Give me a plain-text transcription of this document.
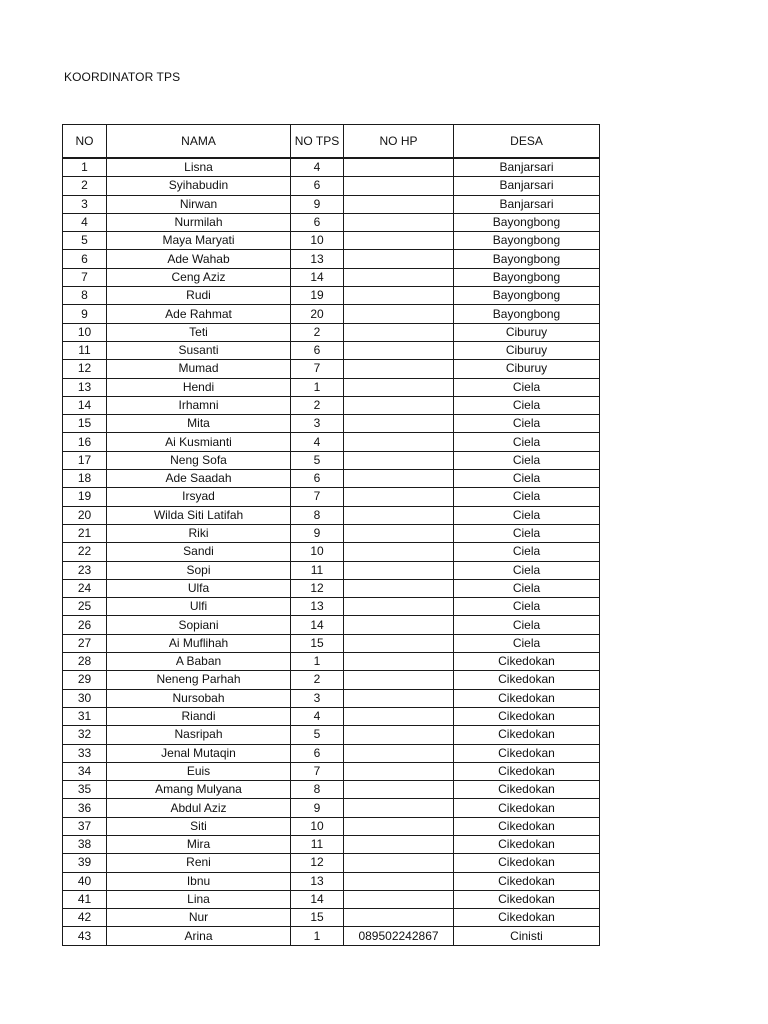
KOORDINATOR TPS
NO	NAMA	NO TPS	NO HP	DESA
1	Lisna	4		Banjarsari
2	Syihabudin	6		Banjarsari
3	Nirwan	9		Banjarsari
4	Nurmilah	6		Bayongbong
5	Maya Maryati	10		Bayongbong
6	Ade Wahab	13		Bayongbong
7	Ceng Aziz	14		Bayongbong
8	Rudi	19		Bayongbong
9	Ade Rahmat	20		Bayongbong
10	Teti	2		Ciburuy
11	Susanti	6		Ciburuy
12	Mumad	7		Ciburuy
13	Hendi	1		Ciela
14	Irhamni	2		Ciela
15	Mita	3		Ciela
16	Ai Kusmianti	4		Ciela
17	Neng Sofa	5		Ciela
18	Ade Saadah	6		Ciela
19	Irsyad	7		Ciela
20	Wilda Siti Latifah	8		Ciela
21	Riki	9		Ciela
22	Sandi	10		Ciela
23	Sopi	11		Ciela
24	Ulfa	12		Ciela
25	Ulfi	13		Ciela
26	Sopiani	14		Ciela
27	Ai Muflihah	15		Ciela
28	A Baban	1		Cikedokan
29	Neneng Parhah	2		Cikedokan
30	Nursobah	3		Cikedokan
31	Riandi	4		Cikedokan
32	Nasripah	5		Cikedokan
33	Jenal Mutaqin	6		Cikedokan
34	Euis	7		Cikedokan
35	Amang Mulyana	8		Cikedokan
36	Abdul Aziz	9		Cikedokan
37	Siti	10		Cikedokan
38	Mira	11		Cikedokan
39	Reni	12		Cikedokan
40	Ibnu	13		Cikedokan
41	Lina	14		Cikedokan
42	Nur	15		Cikedokan
43	Arina	1	089502242867	Cinisti
